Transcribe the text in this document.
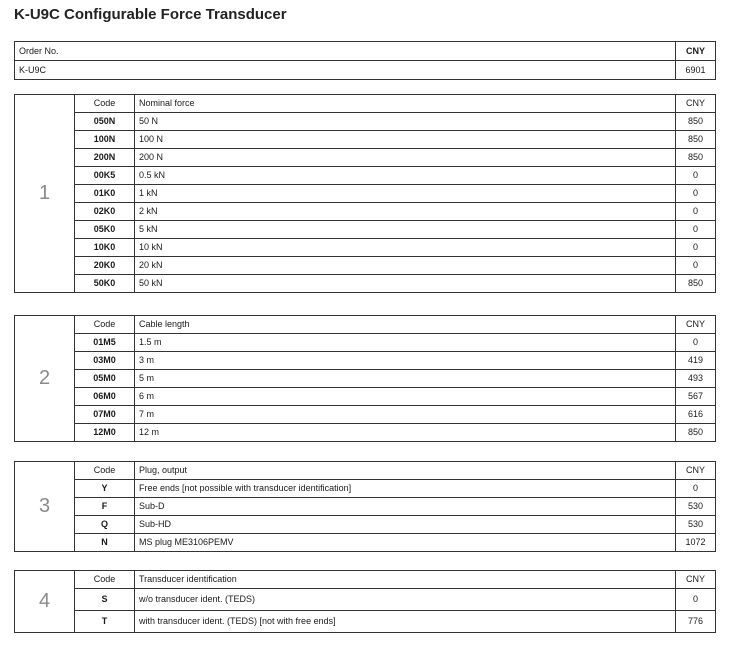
K-U9C Configurable Force Transducer
Order No.	CNY
K-U9C	6901
1	Code	Nominal force	CNY
	050N	50 N	850
	100N	100 N	850
	200N	200 N	850
	00K5	0.5 kN	0
	01K0	1 kN	0
	02K0	2 kN	0
	05K0	5 kN	0
	10K0	10 kN	0
	20K0	20 kN	0
	50K0	50 kN	850
2	Code	Cable length	CNY
	01M5	1.5 m	0
	03M0	3 m	419
	05M0	5 m	493
	06M0	6 m	567
	07M0	7 m	616
	12M0	12 m	850
3	Code	Plug, output	CNY
	Y	Free ends [not possible with transducer identification]	0
	F	Sub-D	530
	Q	Sub-HD	530
	N	MS plug ME3106PEMV	1072
4	Code	Transducer identification	CNY
	S	w/o transducer ident. (TEDS)	0
	T	with transducer ident. (TEDS) [not with free ends]	776
